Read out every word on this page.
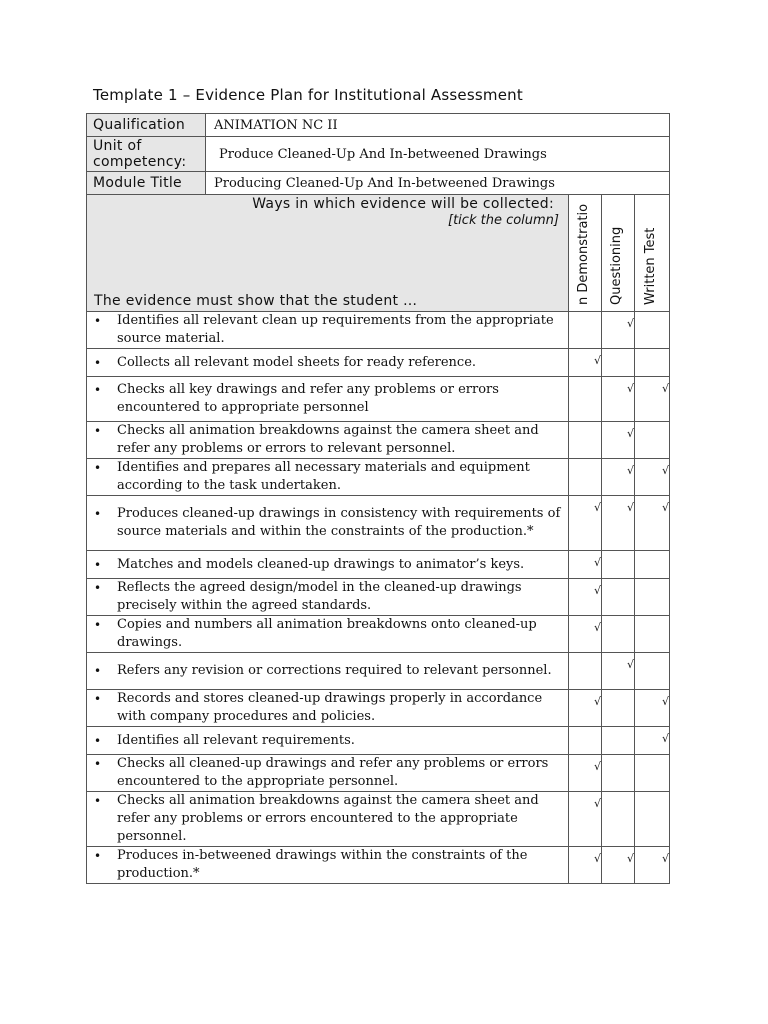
Template 1 – Evidence Plan for Institutional Assessment
Qualification	ANIMATION NC II
Unit of competency:	Produce Cleaned-Up And In-betweened Drawings
Module Title	Producing Cleaned-Up And In-betweened Drawings
Ways in which evidence will be collected:
[tick the column]
The evidence must show that the student …	n Demonstratio	Questioning	Written Test

• Identifies all relevant clean up requirements from the appropriate source material.		√	

• Collects all relevant model sheets for ready reference.	√		

• Checks all key drawings and refer any problems or errors encountered to appropriate personnel		√	√

• Checks all animation breakdowns against the camera sheet and refer any problems or errors to relevant personnel.		√	

• Identifies and prepares all necessary materials and equipment according to the task undertaken.		√	√

• Produces cleaned-up drawings in consistency with requirements of source materials and within the constraints of the production.*	√	√	√

• Matches and models cleaned-up drawings to animator’s keys.	√		

• Reflects the agreed design/model in the cleaned-up drawings precisely within the agreed standards.	√		

• Copies and numbers all animation breakdowns onto cleaned-up drawings.	√		

• Refers any revision or corrections required to relevant personnel.		√	

• Records and stores cleaned-up drawings properly in accordance with company procedures and policies.	√		√

• Identifies all relevant requirements.			√

• Checks all cleaned-up drawings and refer any problems or errors encountered to the appropriate personnel.	√		

• Checks all animation breakdowns against the camera sheet and refer any problems or errors encountered to the appropriate personnel.	√		

• Produces in-betweened drawings within the constraints of the production.*	√	√	√
